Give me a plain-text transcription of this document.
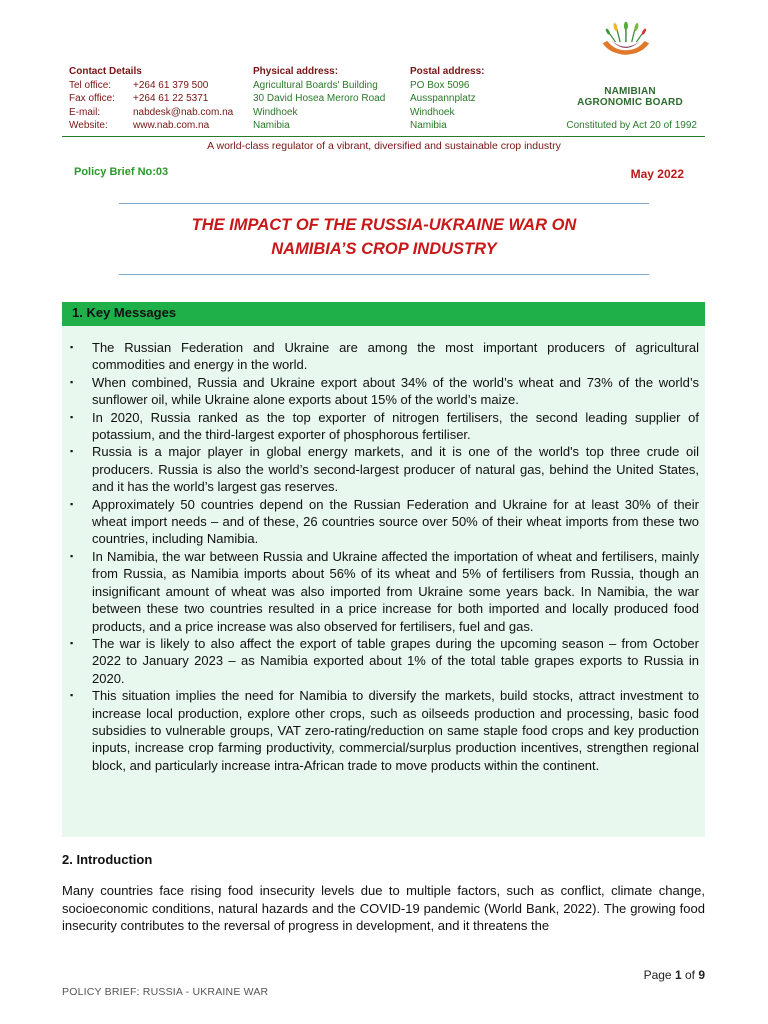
Contact Details
Tel office:	+264 61 379 500
Fax office:	+264 61 22 5371
E-mail:	nabdesk@nab.com.na
Website:	www.nab.com.na
Physical address:
Agricultural Boards' Building
30 David Hosea Meroro Road
Windhoek
Namibia
Postal address:
PO Box 5096
Ausspannplatz
Windhoek
Namibia
NAMIBIAN
AGRONOMIC BOARD
Constituted by Act 20 of 1992
A world-class regulator of a vibrant, diversified and sustainable crop industry
Policy Brief No:03	May 2022
THE IMPACT OF THE RUSSIA-UKRAINE WAR ON
NAMIBIA’S CROP INDUSTRY
1. Key Messages
▪ The Russian Federation and Ukraine are among the most important producers of agricultural commodities and energy in the world.
▪ When combined, Russia and Ukraine export about 34% of the world’s wheat and 73% of the world’s sunflower oil, while Ukraine alone exports about 15% of the world’s maize.
▪ In 2020, Russia ranked as the top exporter of nitrogen fertilisers, the second leading supplier of potassium, and the third-largest exporter of phosphorous fertiliser.
▪ Russia is a major player in global energy markets, and it is one of the world's top three crude oil producers. Russia is also the world’s second-largest producer of natural gas, behind the United States, and it has the world’s largest gas reserves.
▪ Approximately 50 countries depend on the Russian Federation and Ukraine for at least 30% of their wheat import needs – and of these, 26 countries source over 50% of their wheat imports from these two countries, including Namibia.
▪ In Namibia, the war between Russia and Ukraine affected the importation of wheat and fertilisers, mainly from Russia, as Namibia imports about 56% of its wheat and 5% of fertilisers from Russia, though an insignificant amount of wheat was also imported from Ukraine some years back. In Namibia, the war between these two countries resulted in a price increase for both imported and locally produced food products, and a price increase was also observed for fertilisers, fuel and gas.
▪ The war is likely to also affect the export of table grapes during the upcoming season – from October 2022 to January 2023 – as Namibia exported about 1% of the total table grapes exports to Russia in 2020.
▪ This situation implies the need for Namibia to diversify the markets, build stocks, attract investment to increase local production, explore other crops, such as oilseeds production and processing, basic food subsidies to vulnerable groups, VAT zero-rating/reduction on same staple food crops and key production inputs, increase crop farming productivity, commercial/surplus production incentives, strengthen regional block, and particularly increase intra-African trade to move products within the continent.
2. Introduction
Many countries face rising food insecurity levels due to multiple factors, such as conflict, climate change, socioeconomic conditions, natural hazards and the COVID-19 pandemic (World Bank, 2022). The growing food insecurity contributes to the reversal of progress in development, and it threatens the
Page 1 of 9
POLICY BRIEF: RUSSIA - UKRAINE WAR
